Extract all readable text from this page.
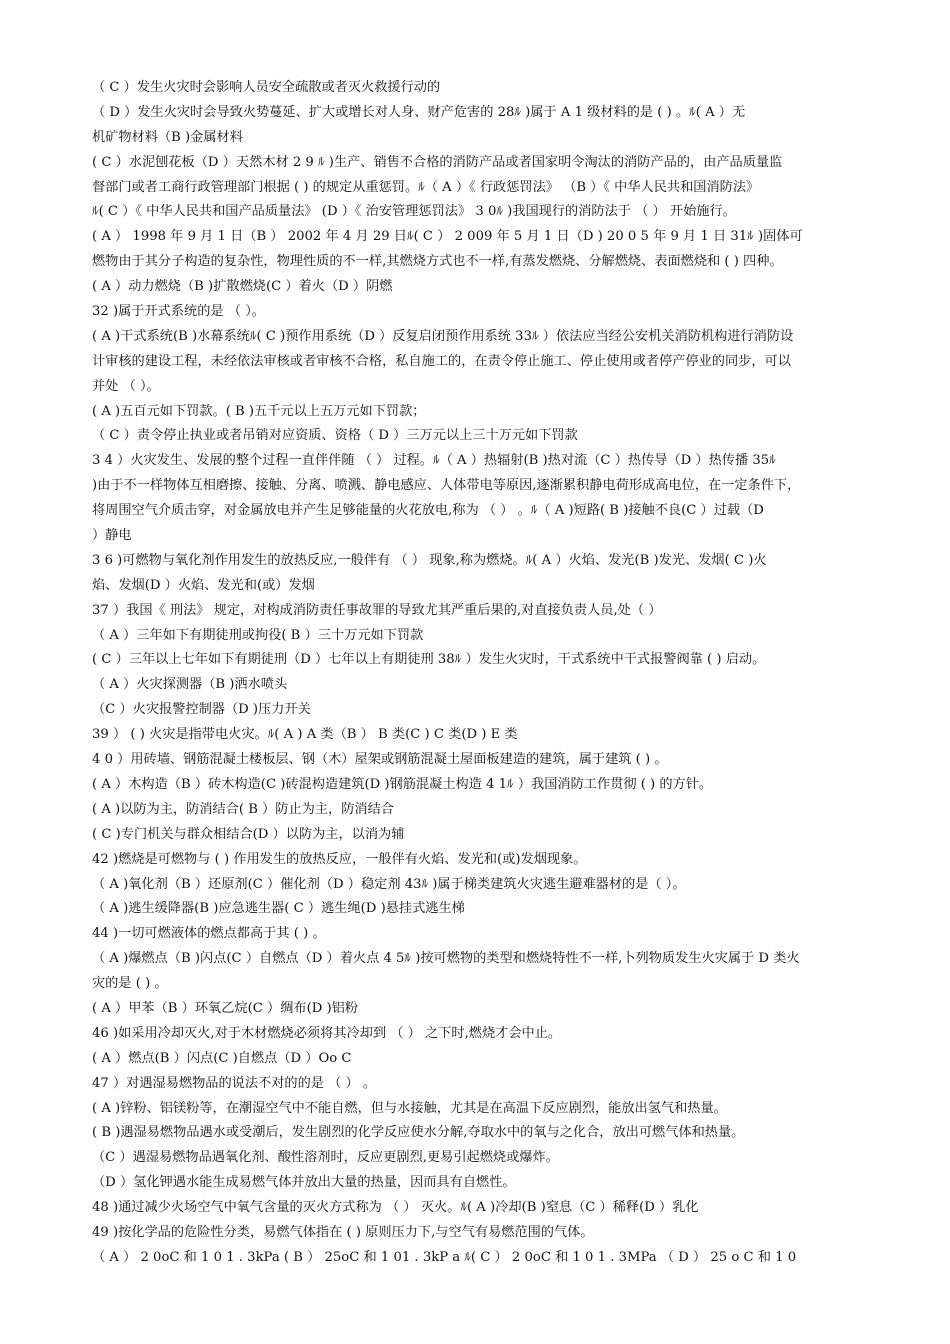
（ C ）发生火灾时会影响人员安全疏散或者灭火救援行动的
（ D ）发生火灾时会导致火势蔓延、扩大或增长对人身、财产危害的 28ﾙ )属于 A 1 级材料的是 ( ) 。ﾙ( A ）无
机矿物材料（B )金属材料
( C ）水泥刨花板（D ）天然木材 2 9 ﾙ )生产、销售不合格的消防产品或者国家明令淘汰的消防产品的，由产品质量监
督部门或者工商行政管理部门根据 ( ) 的规定从重惩罚。ﾙ（ A ）《 行政惩罚法》 （B ）《 中华人民共和国消防法》
ﾙ( C ）《 中华人民共和国产品质量法》 (D ）《 治安管理惩罚法》 3 0ﾙ )我国现行的消防法于 （ ） 开始施行。
( A ） 1998 年 9 月 1 日（B ） 2002 年 4 月 29 日ﾙ( C ） 2 009 年 5 月 1 日（D ) 20 0 5 年 9 月 1 日 31ﾙ )固体可
燃物由于其分子构造的复杂性，物理性质的不一样,其燃烧方式也不一样,有蒸发燃烧、分解燃烧、表面燃烧和 ( ) 四种。
( A ）动力燃烧（B )扩散燃烧(C ）着火（D ）阴燃
32 )属于开式系统的是 （ ）。
( A )干式系统(B )水幕系统ﾙ( C )预作用系统（D ）反复启闭预作用系统 33ﾙ ）依法应当经公安机关消防机构进行消防设
计审核的建设工程，未经依法审核或者审核不合格，私自施工的，在责令停止施工、停止使用或者停产停业的同步，可以
并处 （ ）。
( A )五百元如下罚款。( B )五千元以上五万元如下罚款；
（ C ）责令停止执业或者吊销对应资质、资格（ D ）三万元以上三十万元如下罚款
3 4 ）火灾发生、发展的整个过程一直伴伴随 （ ） 过程。ﾙ（ A ）热辐射(B )热对流（C ）热传导（D ）热传播 35ﾙ
)由于不一样物体互相磨擦、接触、分离、喷溅、静电感应、人体带电等原因,逐渐累积静电荷形成高电位，在一定条件下，
将周围空气介质击穿，对金属放电并产生足够能量的火花放电,称为 （ ） 。ﾙ（ A )短路( B )接触不良(C ）过载（D
）静电
3 6 )可燃物与氧化剂作用发生的放热反应,一般伴有 （ ） 现象,称为燃烧。ﾙ( A ）火焰、发光(B )发光、发烟( C )火
焰、发烟(D ）火焰、发光和(或）发烟
37 ）我国《 刑法》 规定，对构成消防责任事故罪的导致尤其严重后果的,对直接负责人员,处（ ）
（ A ）三年如下有期徒刑或拘役( B ）三十万元如下罚款
( C ）三年以上七年如下有期徒刑（D ）七年以上有期徒刑 38ﾙ ）发生火灾时，干式系统中干式报警阀靠 ( ) 启动。
（ A ）火灾探测器（B )洒水喷头
（C ）火灾报警控制器（D )压力开关
39 ） ( ) 火灾是指带电火灾。ﾙ( A ) A 类（B ） B 类(C ) C 类(D ) E 类
4 0 ）用砖墙、钢筋混凝土楼板层、钢（木）屋架或钢筋混凝土屋面板建造的建筑，属于建筑 ( ) 。
( A ）木构造（B ）砖木构造(C )砖混构造建筑(D )钢筋混凝土构造 4 1ﾙ ）我国消防工作贯彻 ( ) 的方针。
( A )以防为主，防消结合( B ）防止为主，防消结合
( C )专门机关与群众相结合(D ）以防为主，以消为辅
42 )燃烧是可燃物与 ( ) 作用发生的放热反应，一般伴有火焰、发光和(或)发烟现象。
（ A )氧化剂（B ）还原剂(C ）催化剂（D ）稳定剂 43ﾙ )属于梯类建筑火灾逃生避难器材的是（ ）。
（ A )逃生缓降器(B )应急逃生器( C ）逃生绳(D )悬挂式逃生梯
44 )一切可燃液体的燃点都高于其 ( ) 。
（ A )爆燃点（B )闪点(C ）自燃点（D ）着火点 4 5ﾙ )按可燃物的类型和燃烧特性不一样,卜列物质发生火灾属于 D 类火
灾的是 ( ) 。
( A ）甲苯（B ）环氧乙烷(C ）绸布(D )铝粉
46 )如采用冷却灭火,对于木材燃烧必须将其冷却到 （ ） 之下时,燃烧才会中止。
( A ）燃点(B ）闪点(C )自燃点（D ）Oo C
47 ）对遇湿易燃物品的说法不对的的是 （ ） 。
( A )锌粉、铝镁粉等，在潮湿空气中不能自燃，但与水接触，尤其是在高温下反应剧烈，能放出氢气和热量。
( B )遇湿易燃物品遇水或受潮后，发生剧烈的化学反应使水分解,夺取水中的氧与之化合，放出可燃气体和热量。
（C ）遇湿易燃物品遇氧化剂、酸性溶剂时，反应更剧烈,更易引起燃烧或爆炸。
（D ）氢化钾遇水能生成易燃气体并放出大量的热量，因而具有自燃性。
48 )通过减少火场空气中氧气含量的灭火方式称为 （ ） 灭火。ﾙ( A )冷却(B )窒息（C ）稀释(D ）乳化
49 )按化学品的危险性分类，易燃气体指在 ( ) 原则压力下,与空气有易燃范围的气体。
（ A ） 2 0oC 和 1 0 1 . 3kPa ( B ） 25oC 和 1 01 . 3kP a ﾙ( C ） 2 0oC 和 1 0 1 . 3MPa （ D ） 25 o C 和 1 0
